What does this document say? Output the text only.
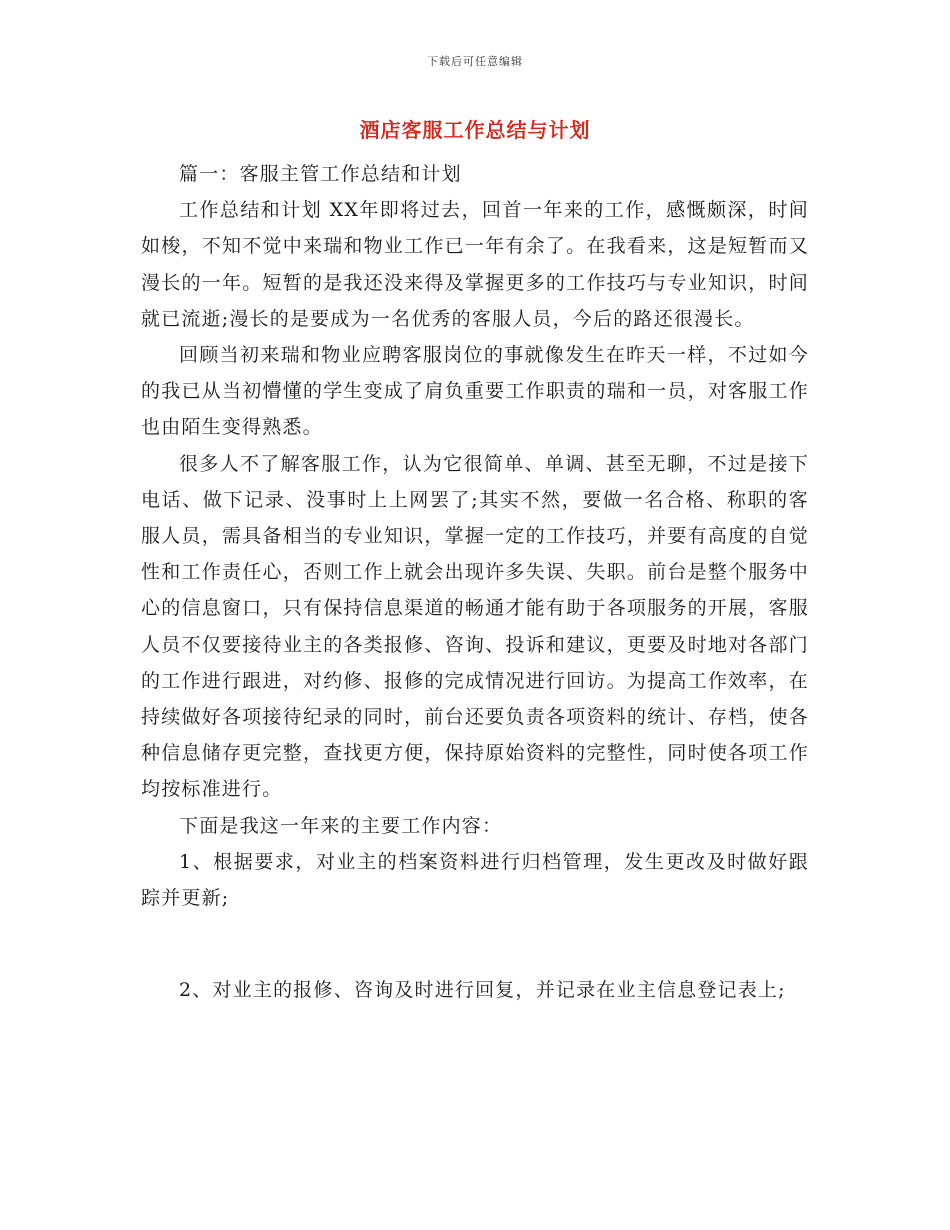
下载后可任意编辑
酒店客服工作总结与计划

篇一：客服主管工作总结和计划

工作总结和计划 XX年即将过去，回首一年来的工作，感慨颇深，时间如梭，不知不觉中来瑞和物业工作已一年有余了。在我看来，这是短暂而又漫长的一年。短暂的是我还没来得及掌握更多的工作技巧与专业知识，时间就已流逝;漫长的是要成为一名优秀的客服人员，今后的路还很漫长。

回顾当初来瑞和物业应聘客服岗位的事就像发生在昨天一样，不过如今的我已从当初懵懂的学生变成了肩负重要工作职责的瑞和一员，对客服工作也由陌生变得熟悉。

很多人不了解客服工作，认为它很简单、单调、甚至无聊，不过是接下电话、做下记录、没事时上上网罢了;其实不然，要做一名合格、称职的客服人员，需具备相当的专业知识，掌握一定的工作技巧，并要有高度的自觉性和工作责任心，否则工作上就会出现许多失误、失职。前台是整个服务中心的信息窗口，只有保持信息渠道的畅通才能有助于各项服务的开展，客服人员不仅要接待业主的各类报修、咨询、投诉和建议，更要及时地对各部门的工作进行跟进，对约修、报修的完成情况进行回访。为提高工作效率，在持续做好各项接待纪录的同时，前台还要负责各项资料的统计、存档，使各种信息储存更完整，查找更方便，保持原始资料的完整性，同时使各项工作均按标准进行。

下面是我这一年来的主要工作内容：

1、根据要求，对业主的档案资料进行归档管理，发生更改及时做好跟踪并更新;

2、对业主的报修、咨询及时进行回复，并记录在业主信息登记表上;
